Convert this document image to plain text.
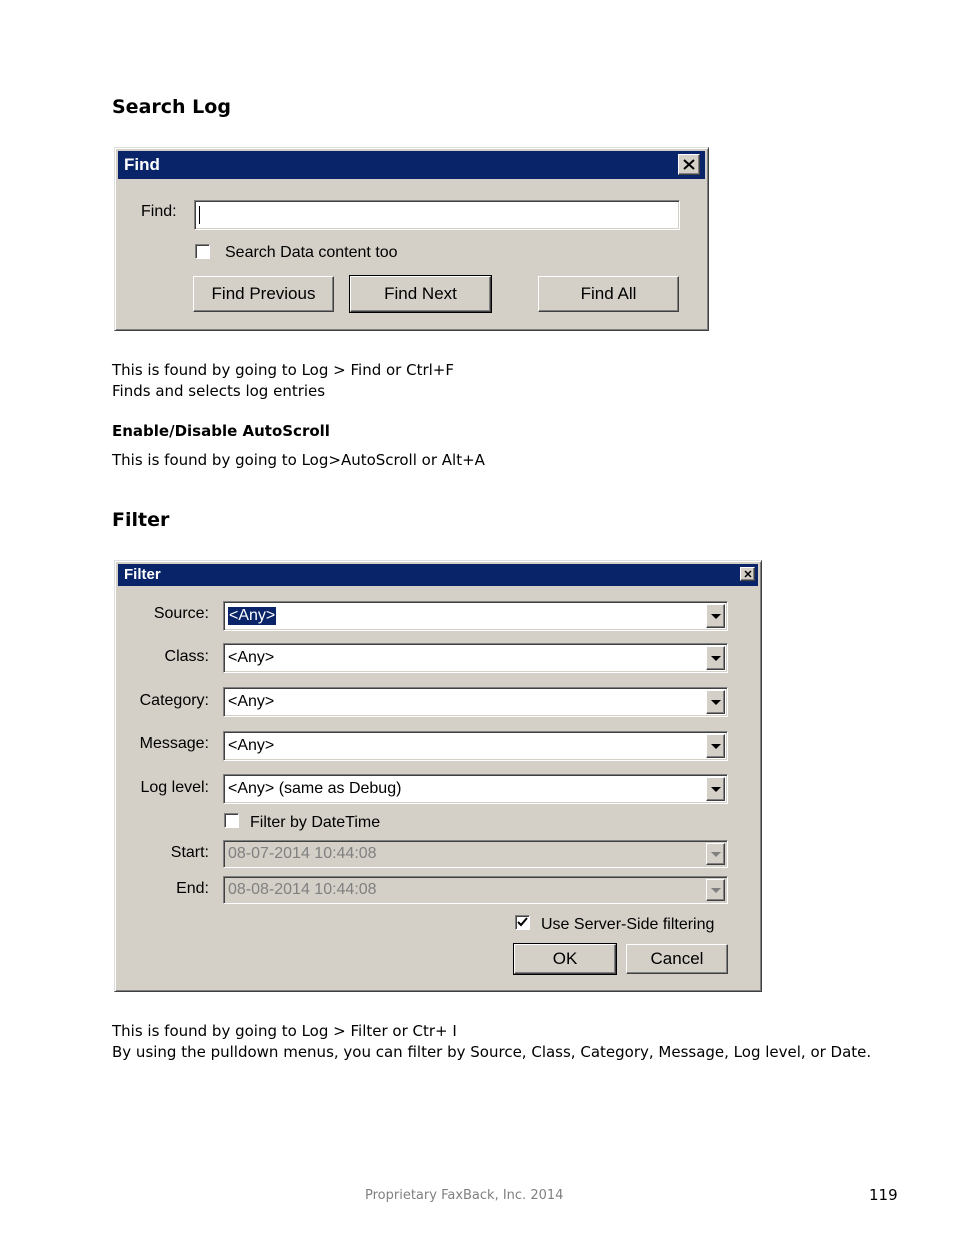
Search Log
Find
Find:
Search Data content too
Find Previous	Find Next	Find All
This is found by going to Log > Find or Ctrl+F
Finds and selects log entries
Enable/Disable AutoScroll
This is found by going to Log>AutoScroll or Alt+A
Filter
Filter
Source: <Any>
Class: <Any>
Category: <Any>
Message: <Any>
Log level: <Any> (same as Debug)
Filter by DateTime
Start: 08-07-2014 10:44:08
End: 08-08-2014 10:44:08
Use Server-Side filtering
OK	Cancel
This is found by going to Log > Filter or Ctr+ I
By using the pulldown menus, you can filter by Source, Class, Category, Message, Log level, or Date.
Proprietary FaxBack, Inc. 2014	119
